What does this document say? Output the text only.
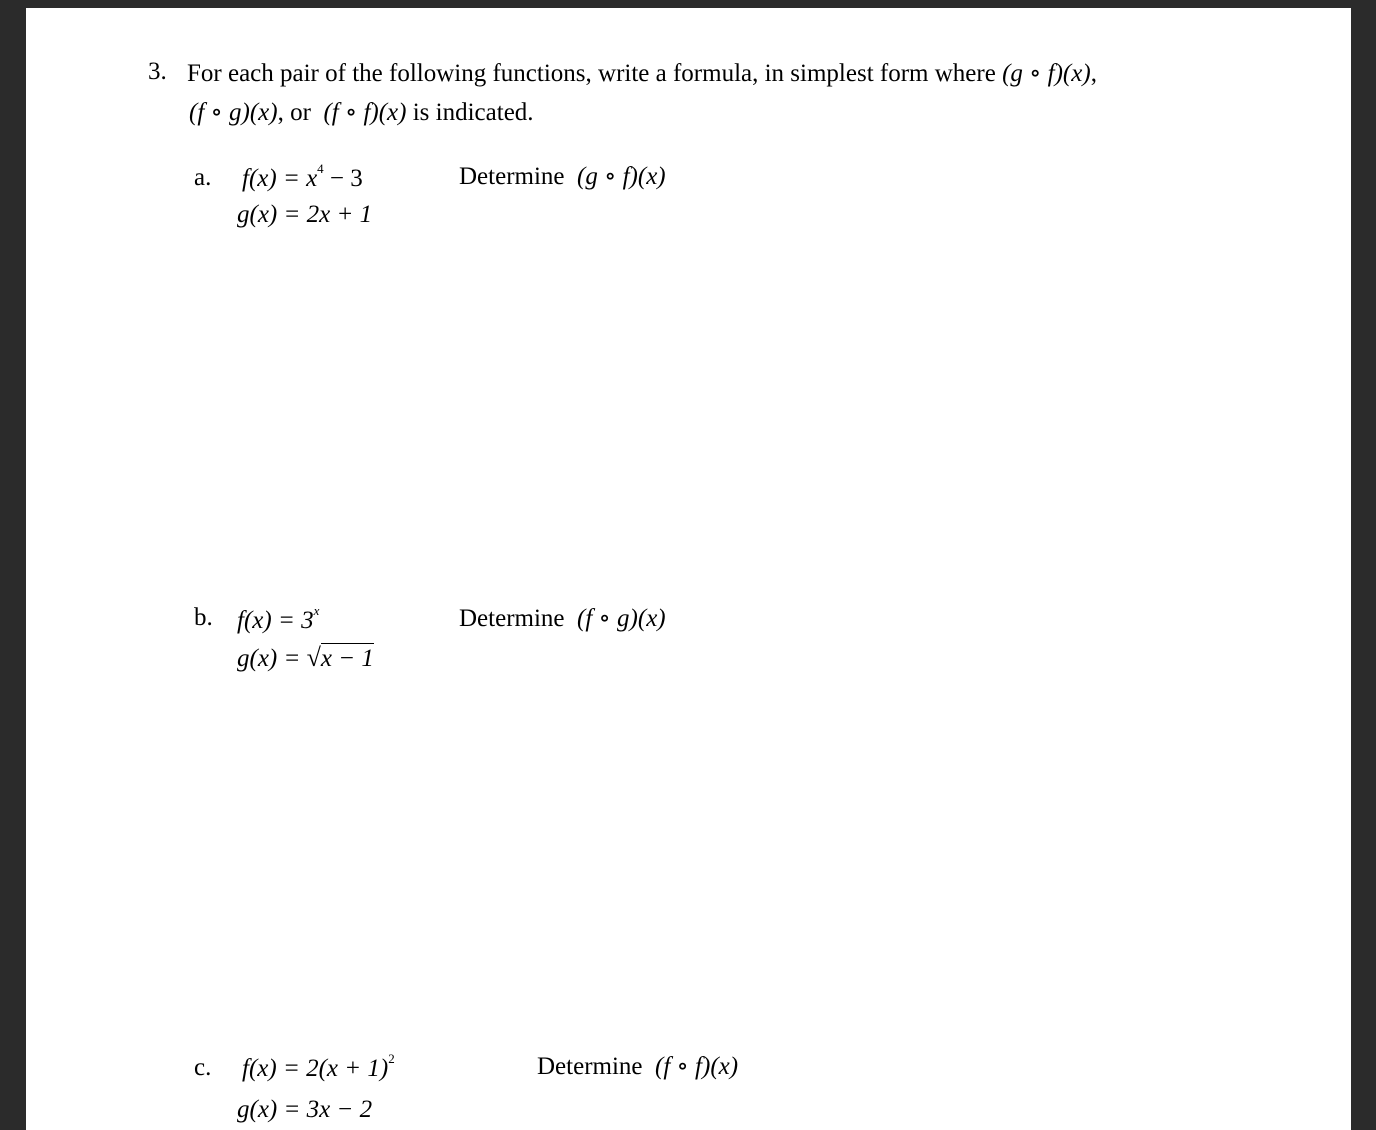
3. For each pair of the following functions, write a formula, in simplest form where (g ∘ f)(x),
(f ∘ g)(x), or (f ∘ f)(x) is indicated.
a. $f(x) = x^4 - 3$
g(x) = 2x + 1
Determine (g ∘ f)(x)
b. $f(x) = 3^x$
g(x) = √x − 1
Determine (f ∘ g)(x)
c. $f(x) = 2(x + 1)^2$
g(x) = 3x − 2
Determine (f ∘ f)(x)
